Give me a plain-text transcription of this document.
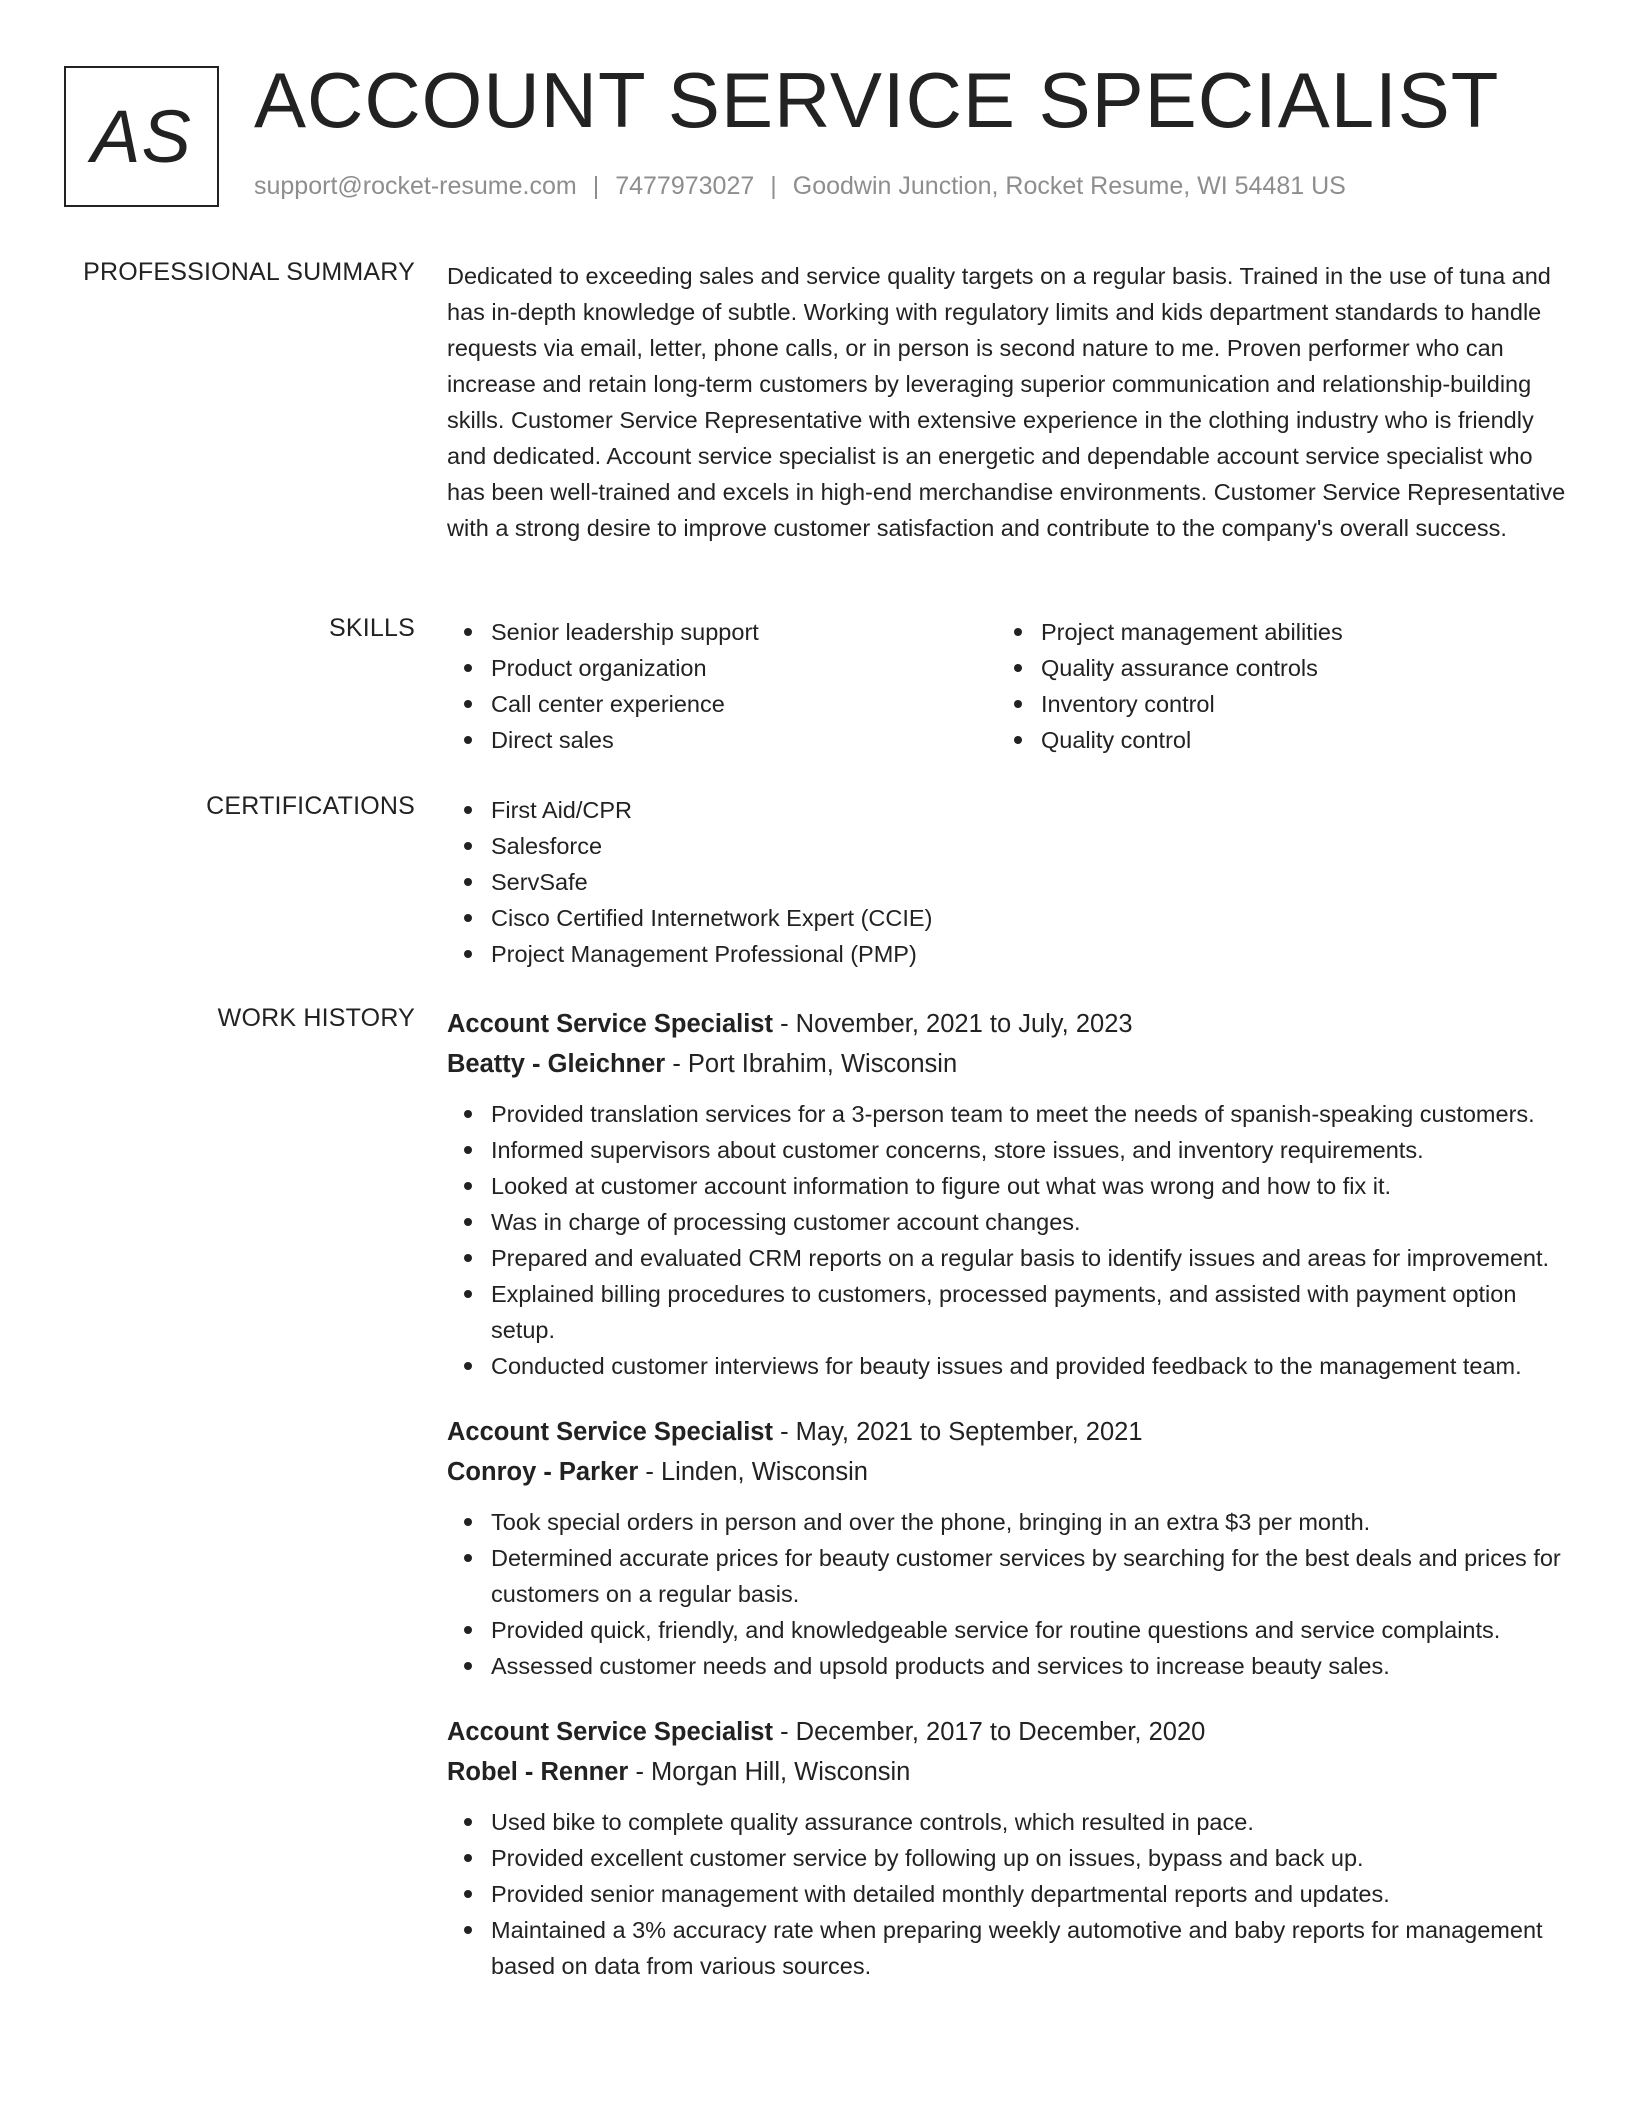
AS ACCOUNT SERVICE SPECIALIST
support@rocket-resume.com | 7477973027 | Goodwin Junction, Rocket Resume, WI 54481 US
PROFESSIONAL SUMMARY Dedicated to exceeding sales and service quality targets on a regular basis. Trained in the use of tuna and has in-depth knowledge of subtle. Working with regulatory limits and kids department standards to handle requests via email, letter, phone calls, or in person is second nature to me. Proven performer who can increase and retain long-term customers by leveraging superior communication and relationship-building skills. Customer Service Representative with extensive experience in the clothing industry who is friendly and dedicated. Account service specialist is an energetic and dependable account service specialist who has been well-trained and excels in high-end merchandise environments. Customer Service Representative with a strong desire to improve customer satisfaction and contribute to the company's overall success.

SKILLS	Senior leadership support
Product organization
Call center experience
Direct sales
Project management abilities
Quality assurance controls
Inventory control
Quality control
CERTIFICATIONS	First Aid/CPR
Salesforce
ServSafe
Cisco Certified Internetwork Expert (CCIE)
Project Management Professional (PMP)
WORK HISTORY Account Service Specialist - November, 2021 to July, 2023
Beatty - Gleichner - Port Ibrahim, Wisconsin
Provided translation services for a 3-person team to meet the needs of spanish-speaking customers.
Informed supervisors about customer concerns, store issues, and inventory requirements.
Looked at customer account information to figure out what was wrong and how to fix it.
Was in charge of processing customer account changes.
Prepared and evaluated CRM reports on a regular basis to identify issues and areas for improvement.
Explained billing procedures to customers, processed payments, and assisted with payment option setup.
Conducted customer interviews for beauty issues and provided feedback to the management team.
Account Service Specialist - May, 2021 to September, 2021
Conroy - Parker - Linden, Wisconsin
Took special orders in person and over the phone, bringing in an extra $3 per month.
Determined accurate prices for beauty customer services by searching for the best deals and prices for customers on a regular basis.
Provided quick, friendly, and knowledgeable service for routine questions and service complaints.
Assessed customer needs and upsold products and services to increase beauty sales.
Account Service Specialist - December, 2017 to December, 2020
Robel - Renner - Morgan Hill, Wisconsin
Used bike to complete quality assurance controls, which resulted in pace.
Provided excellent customer service by following up on issues, bypass and back up.
Provided senior management with detailed monthly departmental reports and updates.
Maintained a 3% accuracy rate when preparing weekly automotive and baby reports for management based on data from various sources.
